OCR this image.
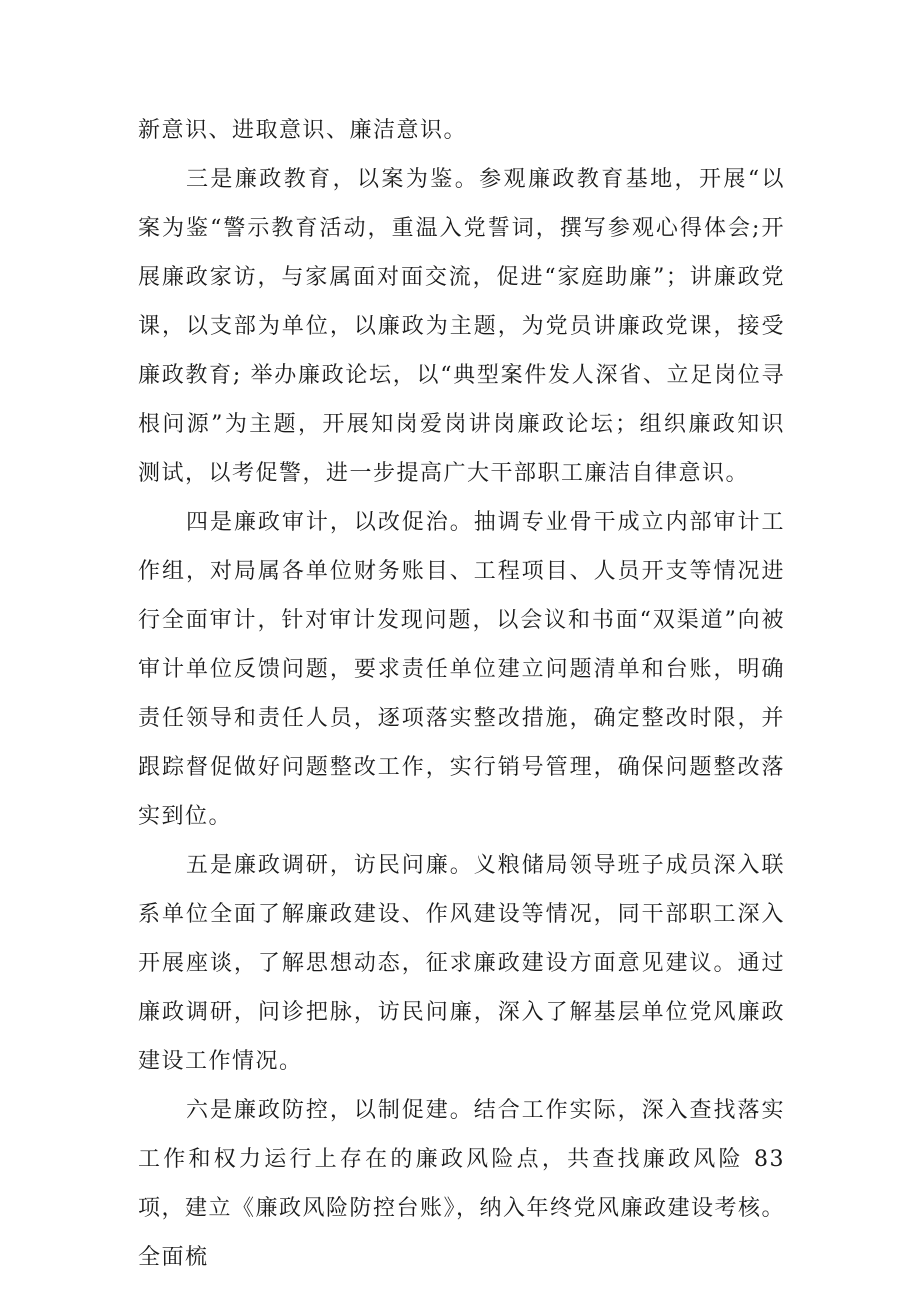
新意识、进取意识、廉洁意识。

三是廉政教育，以案为鉴。参观廉政教育基地，开展“以案为鉴“警示教育活动，重温入党誓词，撰写参观心得体会;开展廉政家访，与家属面对面交流，促进“家庭助廉”；讲廉政党课，以支部为单位，以廉政为主题，为党员讲廉政党课，接受廉政教育; 举办廉政论坛，以“典型案件发人深省、立足岗位寻根问源”为主题，开展知岗爱岗讲岗廉政论坛；组织廉政知识测试，以考促警，进一步提高广大干部职工廉洁自律意识。

四是廉政审计，以改促治。抽调专业骨干成立内部审计工作组，对局属各单位财务账目、工程项目、人员开支等情况进行全面审计，针对审计发现问题，以会议和书面“双渠道”向被审计单位反馈问题，要求责任单位建立问题清单和台账，明确责任领导和责任人员，逐项落实整改措施，确定整改时限，并跟踪督促做好问题整改工作，实行销号管理，确保问题整改落实到位。

五是廉政调研，访民问廉。义粮储局领导班子成员深入联系单位全面了解廉政建设、作风建设等情况，同干部职工深入开展座谈，了解思想动态，征求廉政建设方面意见建议。通过廉政调研，问诊把脉，访民问廉，深入了解基层单位党风廉政建设工作情况。

六是廉政防控，以制促建。结合工作实际，深入查找落实工作和权力运行上存在的廉政风险点，共查找廉政风险 83 项，建立《廉政风险防控台账》，纳入年终党风廉政建设考核。全面梳
